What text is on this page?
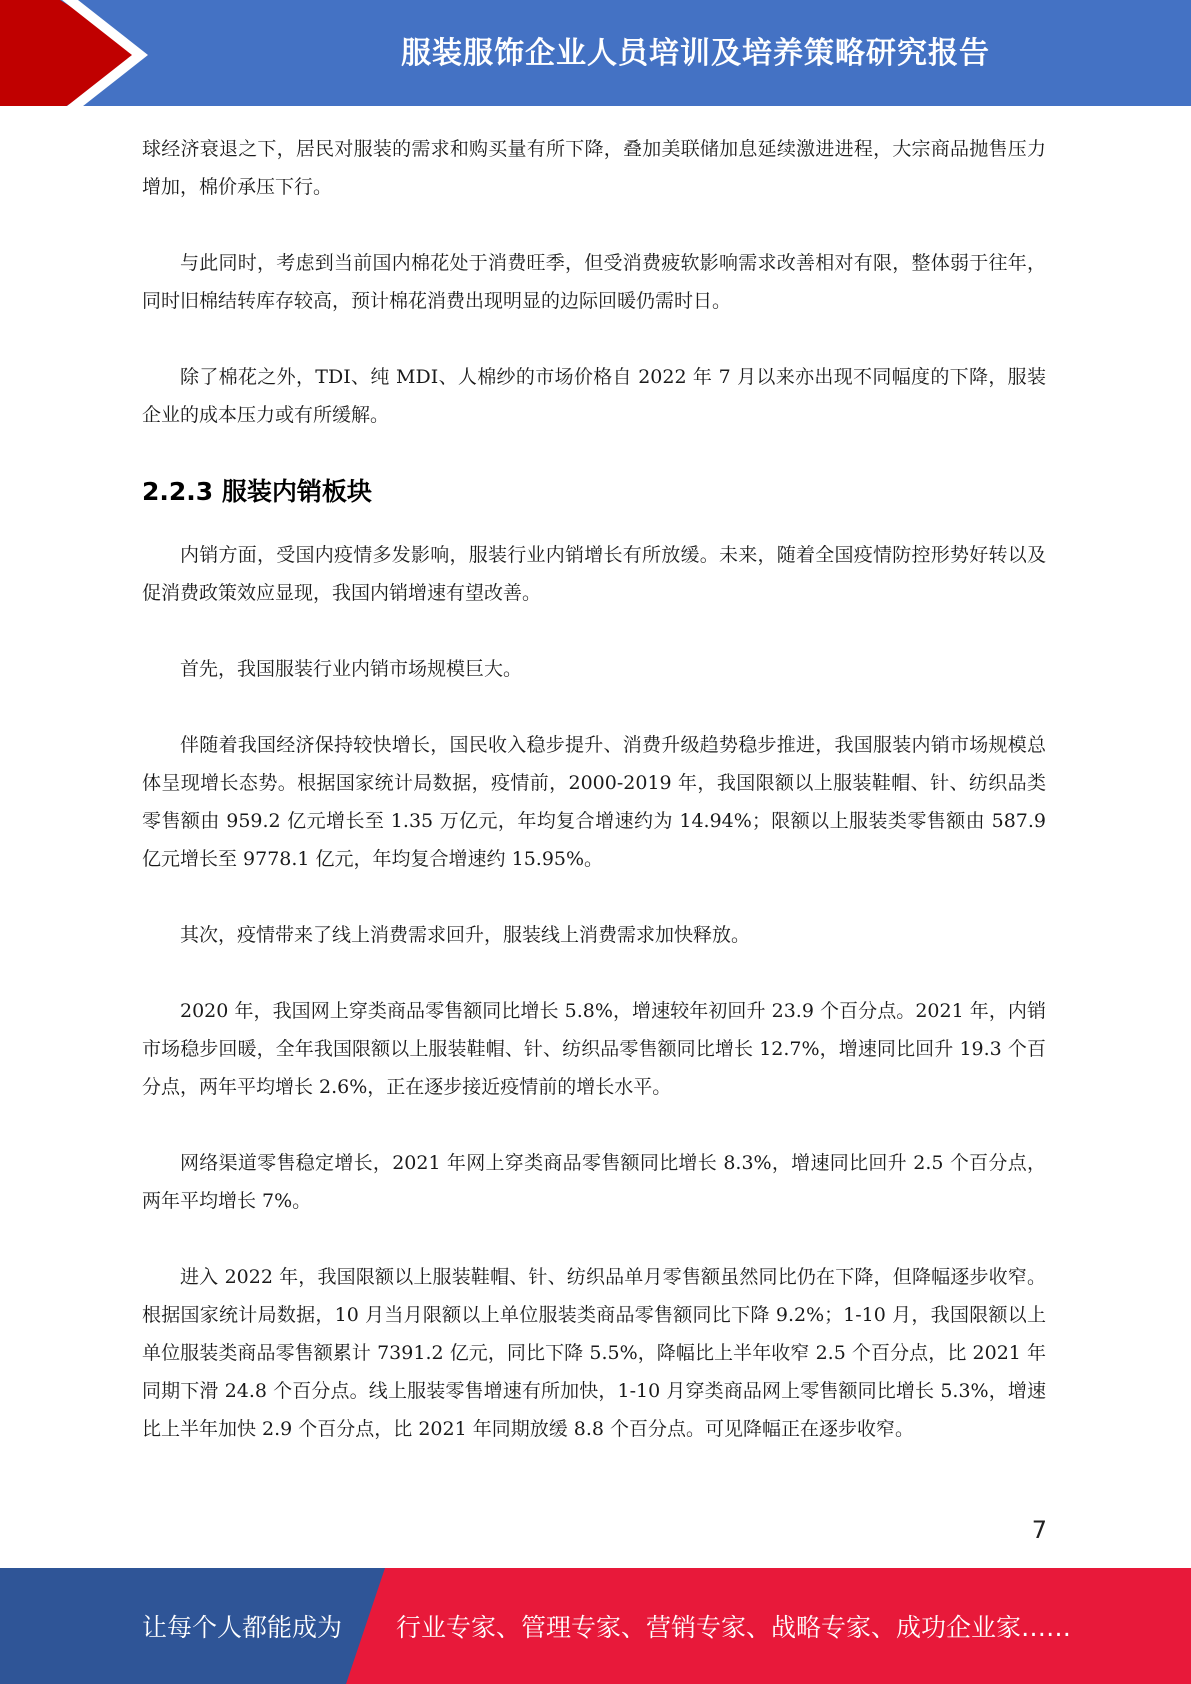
服装服饰企业人员培训及培养策略研究报告

球经济衰退之下，居民对服装的需求和购买量有所下降，叠加美联储加息延续激进进程，大宗商品抛售压力增加，棉价承压下行。

与此同时，考虑到当前国内棉花处于消费旺季，但受消费疲软影响需求改善相对有限，整体弱于往年，同时旧棉结转库存较高，预计棉花消费出现明显的边际回暖仍需时日。

除了棉花之外，TDI、纯 MDI、人棉纱的市场价格自 2022 年 7 月以来亦出现不同幅度的下降，服装企业的成本压力或有所缓解。

2.2.3 服装内销板块

内销方面，受国内疫情多发影响，服装行业内销增长有所放缓。未来，随着全国疫情防控形势好转以及促消费政策效应显现，我国内销增速有望改善。

首先，我国服装行业内销市场规模巨大。

伴随着我国经济保持较快增长，国民收入稳步提升、消费升级趋势稳步推进，我国服装内销市场规模总体呈现增长态势。根据国家统计局数据，疫情前，2000-2019 年，我国限额以上服装鞋帽、针、纺织品类零售额由 959.2 亿元增长至 1.35 万亿元，年均复合增速约为 14.94%；限额以上服装类零售额由 587.9 亿元增长至 9778.1 亿元，年均复合增速约 15.95%。

其次，疫情带来了线上消费需求回升，服装线上消费需求加快释放。

2020 年，我国网上穿类商品零售额同比增长 5.8%，增速较年初回升 23.9 个百分点。2021 年，内销市场稳步回暖，全年我国限额以上服装鞋帽、针、纺织品零售额同比增长 12.7%，增速同比回升 19.3 个百分点，两年平均增长 2.6%，正在逐步接近疫情前的增长水平。

网络渠道零售稳定增长，2021 年网上穿类商品零售额同比增长 8.3%，增速同比回升 2.5 个百分点，两年平均增长 7%。

进入 2022 年，我国限额以上服装鞋帽、针、纺织品单月零售额虽然同比仍在下降，但降幅逐步收窄。根据国家统计局数据，10 月当月限额以上单位服装类商品零售额同比下降 9.2%；1-10 月，我国限额以上单位服装类商品零售额累计 7391.2 亿元，同比下降 5.5%，降幅比上半年收窄 2.5 个百分点，比 2021 年同期下滑 24.8 个百分点。线上服装零售增速有所加快，1-10 月穿类商品网上零售额同比增长 5.3%，增速比上半年加快 2.9 个百分点，比 2021 年同期放缓 8.8 个百分点。可见降幅正在逐步收窄。

7
让每个人都能成为 行业专家、管理专家、营销专家、战略专家、成功企业家……
